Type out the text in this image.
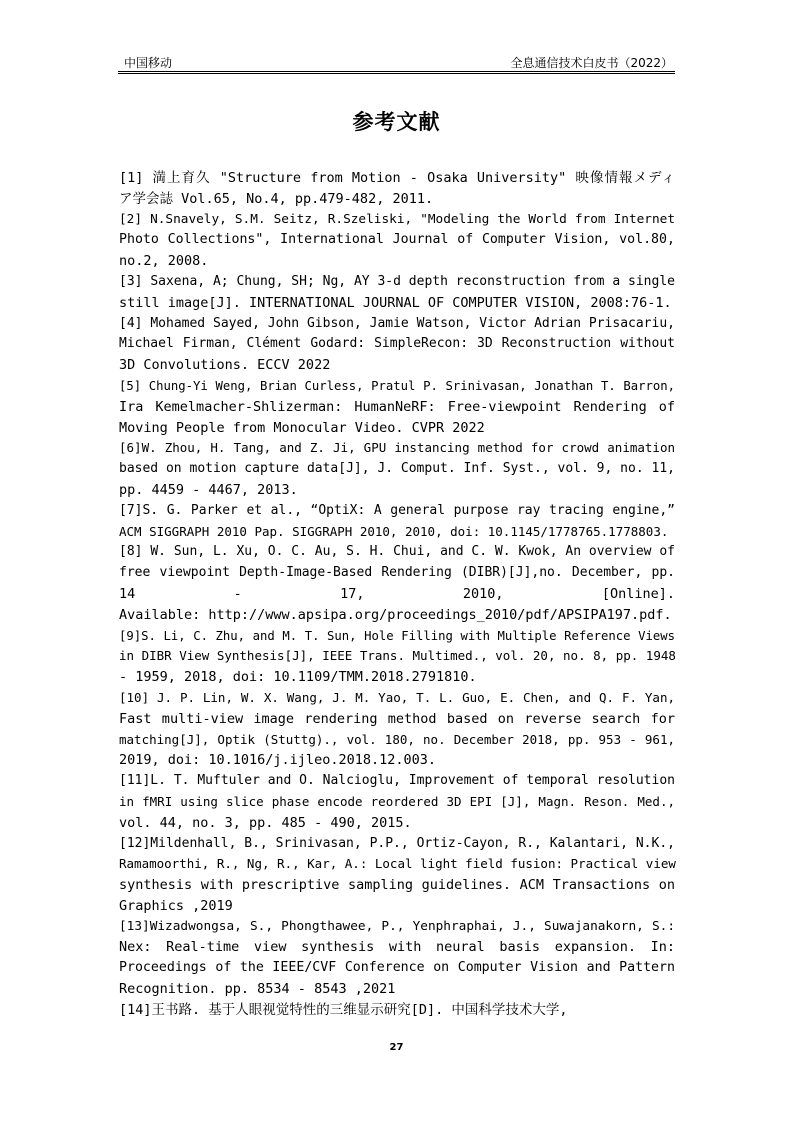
中国移动	全息通信技术白皮书（2022）
参考文献
[1] 満上育久 "Structure from Motion - Osaka University" 映像情報メディ
ア学会誌 Vol.65, No.4, pp.479-482, 2011.
[2] N.Snavely, S.M. Seitz, R.Szeliski, "Modeling the World from Internet
Photo Collections", International Journal of Computer Vision, vol.80,
no.2, 2008.
[3] Saxena, A; Chung, SH; Ng, AY 3-d depth reconstruction from a single
still image[J]. INTERNATIONAL JOURNAL OF COMPUTER VISION, 2008:76-1.
[4] Mohamed Sayed, John Gibson, Jamie Watson, Victor Adrian Prisacariu,
Michael Firman, Clément Godard: SimpleRecon: 3D Reconstruction without
3D Convolutions. ECCV 2022
[5] Chung-Yi Weng, Brian Curless, Pratul P. Srinivasan, Jonathan T. Barron,
Ira Kemelmacher-Shlizerman: HumanNeRF: Free-viewpoint Rendering of
Moving People from Monocular Video. CVPR 2022
[6]W. Zhou, H. Tang, and Z. Ji, GPU instancing method for crowd animation
based on motion capture data[J], J. Comput. Inf. Syst., vol. 9, no. 11,
pp. 4459 - 4467, 2013.
[7]S. G. Parker et al., “OptiX: A general purpose ray tracing engine,”
ACM SIGGRAPH 2010 Pap. SIGGRAPH 2010, 2010, doi: 10.1145/1778765.1778803.
[8] W. Sun, L. Xu, O. C. Au, S. H. Chui, and C. W. Kwok, An overview of
free viewpoint Depth-Image-Based Rendering (DIBR)[J],no. December, pp.
14 - 17, 2010, [Online].
Available: http://www.apsipa.org/proceedings_2010/pdf/APSIPA197.pdf.
[9]S. Li, C. Zhu, and M. T. Sun, Hole Filling with Multiple Reference Views
in DIBR View Synthesis[J], IEEE Trans. Multimed., vol. 20, no. 8, pp. 1948
- 1959, 2018, doi: 10.1109/TMM.2018.2791810.
[10] J. P. Lin, W. X. Wang, J. M. Yao, T. L. Guo, E. Chen, and Q. F. Yan,
Fast multi-view image rendering method based on reverse search for
matching[J], Optik (Stuttg)., vol. 180, no. December 2018, pp. 953 - 961,
2019, doi: 10.1016/j.ijleo.2018.12.003.
[11]L. T. Muftuler and O. Nalcioglu, Improvement of temporal resolution
in fMRI using slice phase encode reordered 3D EPI [J], Magn. Reson. Med.,
vol. 44, no. 3, pp. 485 - 490, 2015.
[12]Mildenhall, B., Srinivasan, P.P., Ortiz-Cayon, R., Kalantari, N.K.,
Ramamoorthi, R., Ng, R., Kar, A.: Local light field fusion: Practical view
synthesis with prescriptive sampling guidelines. ACM Transactions on
Graphics ,2019
[13]Wizadwongsa, S., Phongthawee, P., Yenphraphai, J., Suwajanakorn, S.:
Nex: Real-time view synthesis with neural basis expansion. In:
Proceedings of the IEEE/CVF Conference on Computer Vision and Pattern
Recognition. pp. 8534 - 8543 ,2021
[14]王书路. 基于人眼视觉特性的三维显示研究[D]. 中国科学技术大学,
27
